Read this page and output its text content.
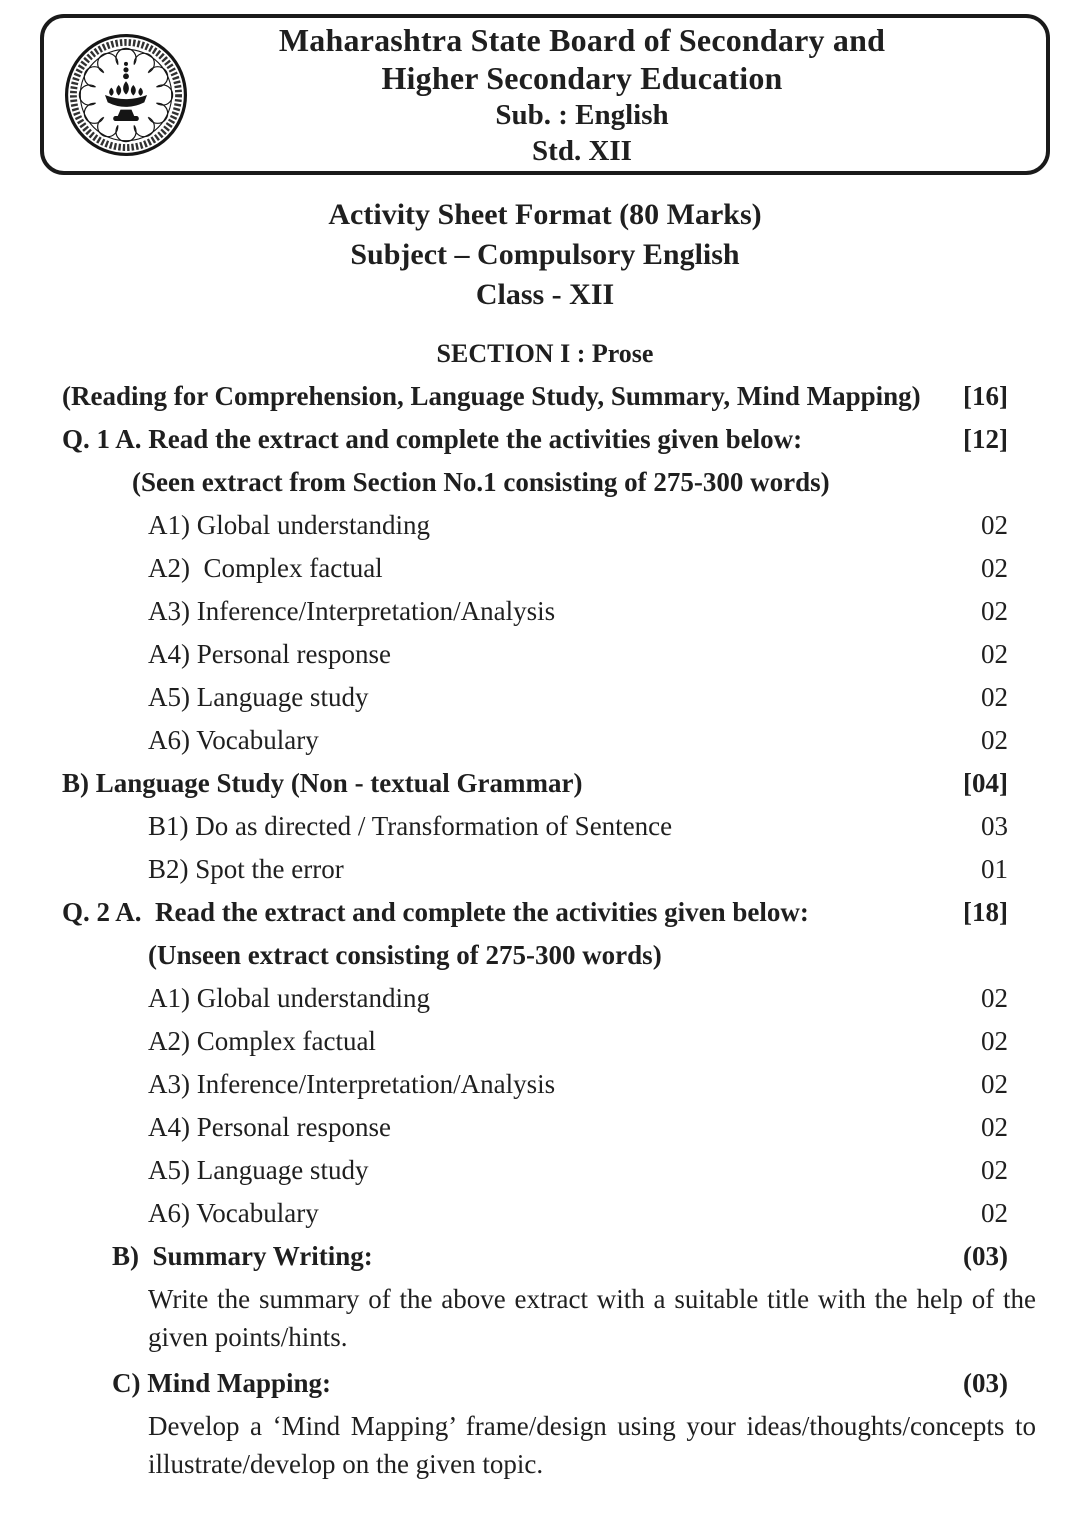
Maharashtra State Board of Secondary and
Higher Secondary Education
Sub. : English
Std. XII
Activity Sheet Format (80 Marks)
Subject – Compulsory English
Class - XII
SECTION I : Prose
(Reading for Comprehension, Language Study, Summary, Mind Mapping)	[16]
Q. 1 A. Read the extract and complete the activities given below:	[12]
(Seen extract from Section No.1 consisting of 275-300 words)
A1) Global understanding	02
A2)  Complex factual	02
A3) Inference/Interpretation/Analysis	02
A4) Personal response	02
A5) Language study	02
A6) Vocabulary	02
B) Language Study (Non - textual Grammar)	[04]
B1) Do as directed / Transformation of Sentence	03
B2) Spot the error	01
Q. 2 A.  Read the extract and complete the activities given below:	[18]
(Unseen extract consisting of 275-300 words)
A1) Global understanding	02
A2) Complex factual	02
A3) Inference/Interpretation/Analysis	02
A4) Personal response	02
A5) Language study	02
A6) Vocabulary	02
B)  Summary Writing:	(03)
Write the summary of the above extract with a suitable title with the help of the given points/hints.
C) Mind Mapping:	(03)
Develop a ‘Mind Mapping’ frame/design using your ideas/thoughts/concepts to illustrate/develop on the given topic.
